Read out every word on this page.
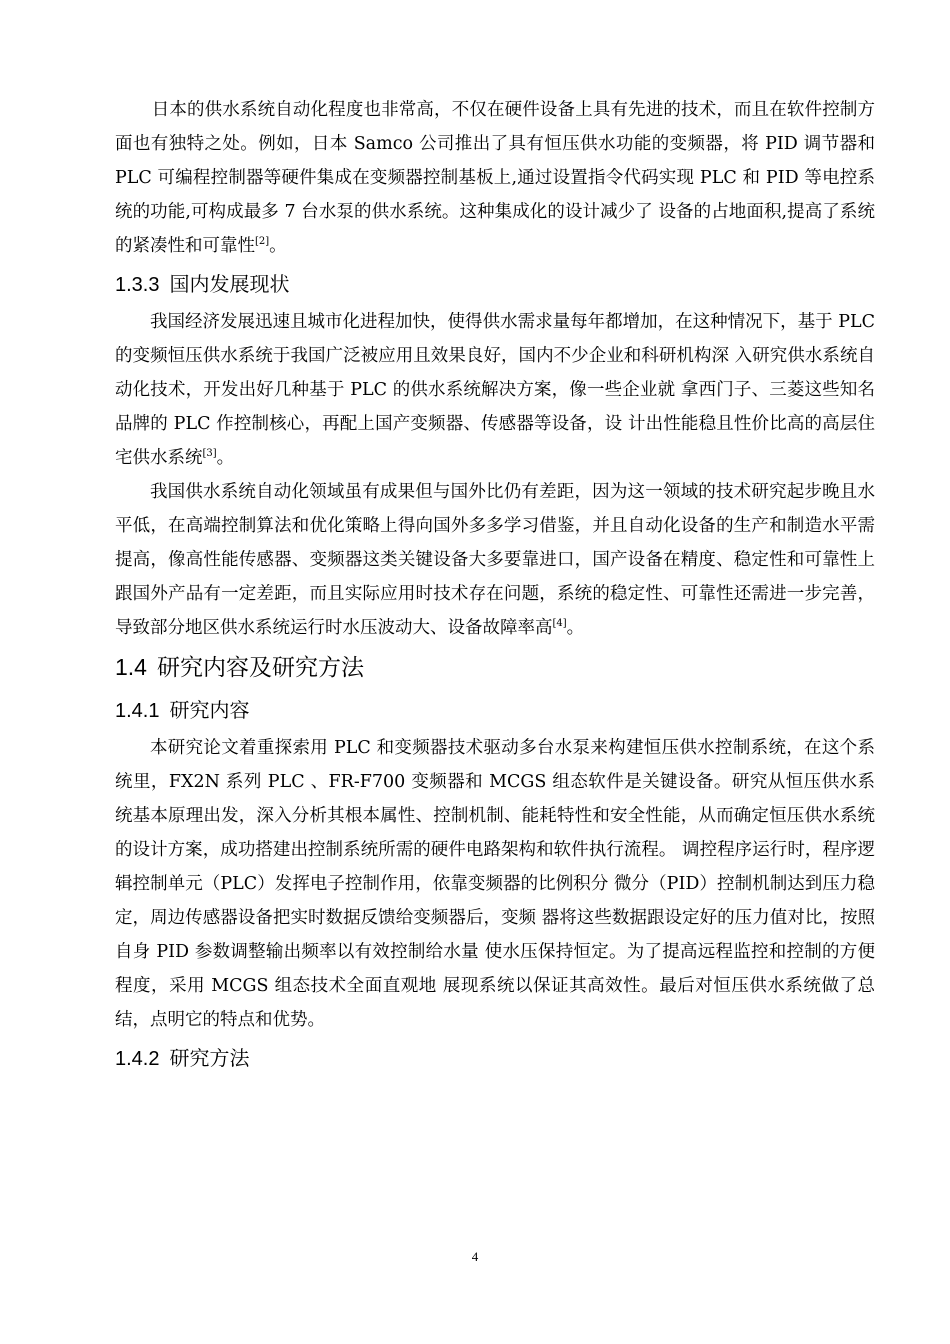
日本的供水系统自动化程度也非常高，不仅在硬件设备上具有先进的技术，而且在软件控制方面也有独特之处。例如，日本 Samco 公司推出了具有恒压供水功能的变频器，将 PID 调节器和 PLC 可编程控制器等硬件集成在变频器控制基板上,通过设置指令代码实现 PLC 和 PID 等电控系统的功能,可构成最多 7 台水泵的供水系统。这种集成化的设计减少了 设备的占地面积,提高了系统的紧凑性和可靠性[2]。

1.3.3 国内发展现状

我国经济发展迅速且城市化进程加快，使得供水需求量每年都增加，在这种情况下，基于 PLC 的变频恒压供水系统于我国广泛被应用且效果良好，国内不少企业和科研机构深 入研究供水系统自动化技术，开发出好几种基于 PLC 的供水系统解决方案，像一些企业就 拿西门子、三菱这些知名品牌的 PLC 作控制核心，再配上国产变频器、传感器等设备，设 计出性能稳且性价比高的高层住宅供水系统[3]。

我国供水系统自动化领域虽有成果但与国外比仍有差距，因为这一领域的技术研究起步晚且水平低，在高端控制算法和优化策略上得向国外多多学习借鉴，并且自动化设备的生产和制造水平需提高，像高性能传感器、变频器这类关键设备大多要靠进口，国产设备在精度、稳定性和可靠性上跟国外产品有一定差距，而且实际应用时技术存在问题，系统的稳定性、可靠性还需进一步完善，导致部分地区供水系统运行时水压波动大、设备故障率高[4]。

1.4 研究内容及研究方法
1.4.1 研究内容

本研究论文着重探索用 PLC 和变频器技术驱动多台水泵来构建恒压供水控制系统，在这个系统里，FX2N 系列 PLC 、FR-F700 变频器和 MCGS 组态软件是关键设备。研究从恒压供水系统基本原理出发，深入分析其根本属性、控制机制、能耗特性和安全性能，从而确定恒压供水系统的设计方案，成功搭建出控制系统所需的硬件电路架构和软件执行流程。 调控程序运行时，程序逻辑控制单元（PLC）发挥电子控制作用，依靠变频器的比例积分 微分（PID）控制机制达到压力稳定，周边传感器设备把实时数据反馈给变频器后，变频 器将这些数据跟设定好的压力值对比，按照自身 PID 参数调整输出频率以有效控制给水量 使水压保持恒定。为了提高远程监控和控制的方便程度，采用 MCGS 组态技术全面直观地 展现系统以保证其高效性。最后对恒压供水系统做了总结，点明它的特点和优势。

1.4.2 研究方法
4
